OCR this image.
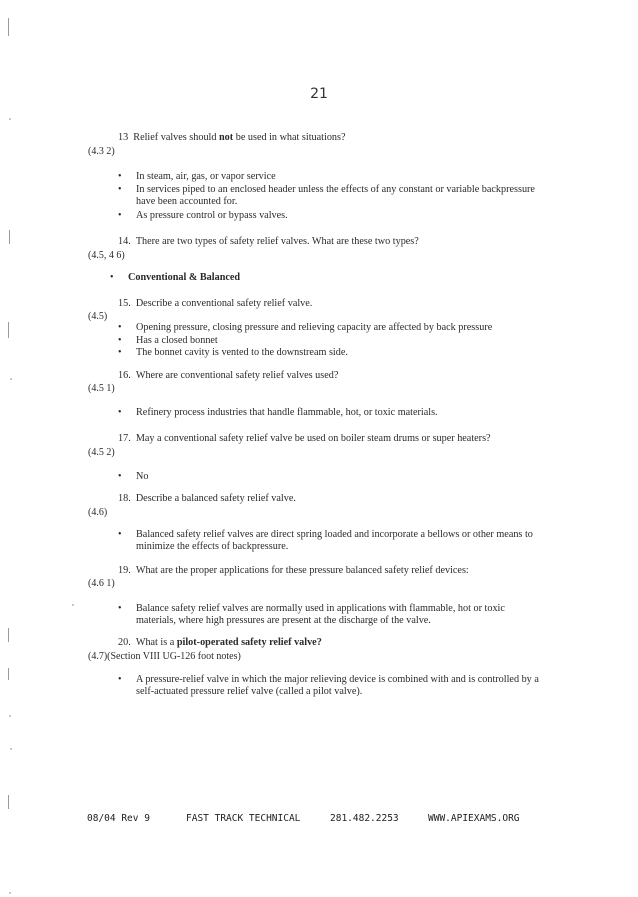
21
13 Relief valves should not be used in what situations?
(4.3 2)
• In steam, air, gas, or vapor service
• In services piped to an enclosed header unless the effects of any constant or variable backpressure have been accounted for.
• As pressure control or bypass valves.
14. There are two types of safety relief valves. What are these two types?
(4.5, 4 6)
• Conventional & Balanced
15. Describe a conventional safety relief valve.
(4.5)
• Opening pressure, closing pressure and relieving capacity are affected by back pressure
• Has a closed bonnet
• The bonnet cavity is vented to the downstream side.
16. Where are conventional safety relief valves used?
(4.5 1)
• Refinery process industries that handle flammable, hot, or toxic materials.
17. May a conventional safety relief valve be used on boiler steam drums or super heaters?
(4.5 2)
• No
18. Describe a balanced safety relief valve.
(4.6)
• Balanced safety relief valves are direct spring loaded and incorporate a bellows or other means to minimize the effects of backpressure.
19. What are the proper applications for these pressure balanced safety relief devices:
(4.6 1)
• Balance safety relief valves are normally used in applications with flammable, hot or toxic materials, where high pressures are present at the discharge of the valve.
20. What is a pilot-operated safety relief valve?
(4.7)(Section VIII UG-126 foot notes)
• A pressure-relief valve in which the major relieving device is combined with and is controlled by a self-actuated pressure relief valve (called a pilot valve).
08/04 Rev 9	FAST TRACK TECHNICAL	281.482.2253	WWW.APIEXAMS.ORG
